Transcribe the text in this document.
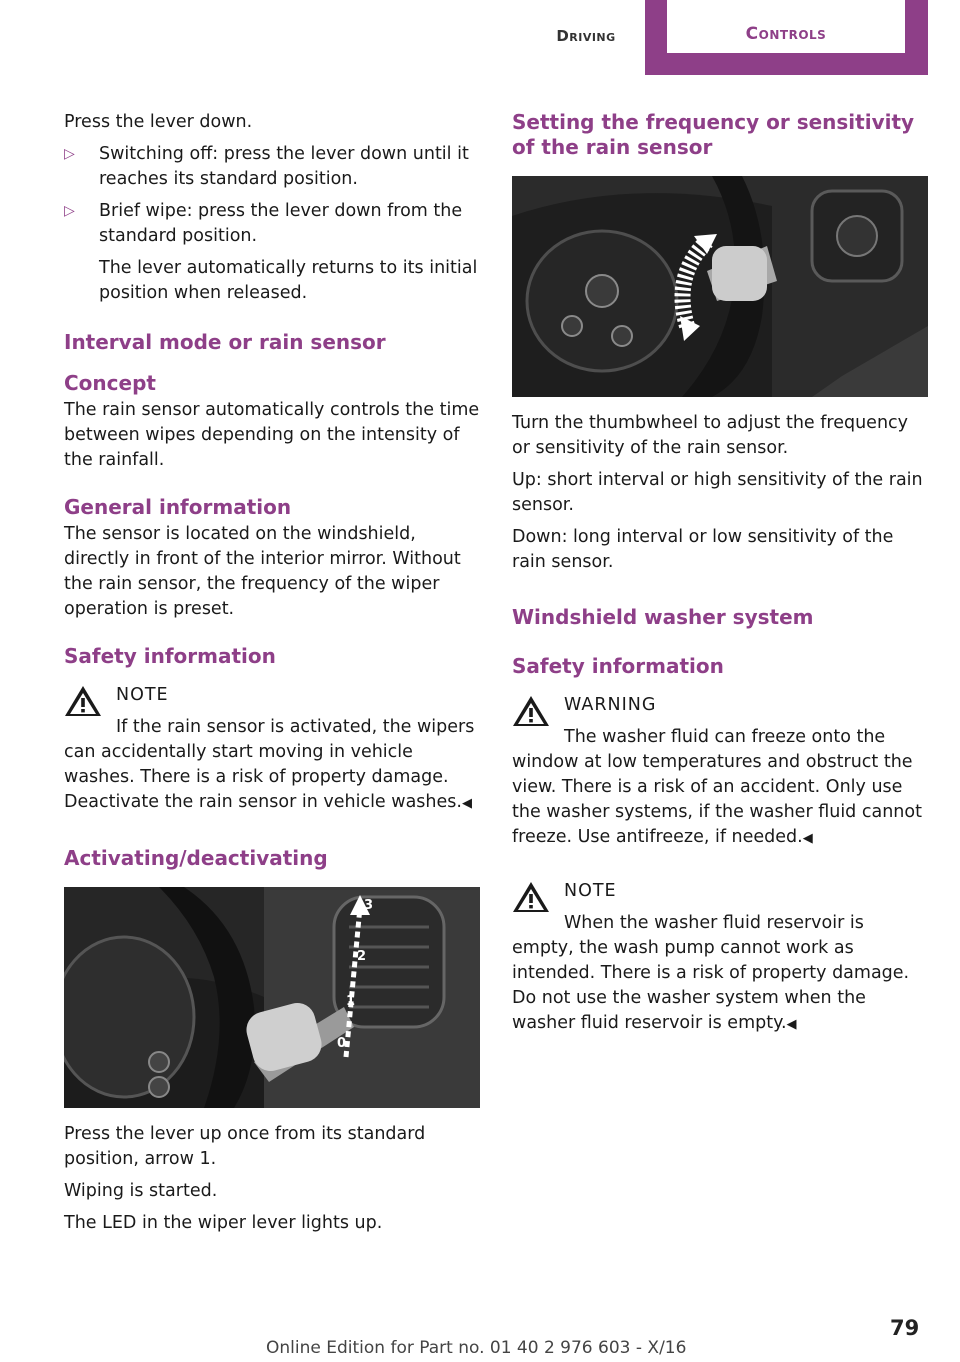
Driving	Controls

Press the lever down.

▷ Switching off: press the lever down until it reaches its standard position.
▷ Brief wipe: press the lever down from the standard position.

The lever automatically returns to its initial position when released.

Interval mode or rain sensor
Concept

The rain sensor automatically controls the time between wipes depending on the intensity of the rainfall.

General information

The sensor is located on the windshield, directly in front of the interior mirror. Without the rain sensor, the frequency of the wiper operation is preset.

Safety information
NOTE

If the rain sensor is activated, the wipers can accidentally start moving in vehicle washes. There is a risk of property damage. Deactivate the rain sensor in vehicle washes.◀

Activating/deactivating
3
2
1
0

Press the lever up once from its standard position, arrow 1.

Wiping is started.

The LED in the wiper lever lights up.

Setting the frequency or sensitivity of the rain sensor

Turn the thumbwheel to adjust the frequency or sensitivity of the rain sensor.

Up: short interval or high sensitivity of the rain sensor.

Down: long interval or low sensitivity of the rain sensor.

Windshield washer system
Safety information
WARNING

The washer fluid can freeze onto the window at low temperatures and obstruct the view. There is a risk of an accident. Only use the washer systems, if the washer fluid cannot freeze. Use antifreeze, if needed.◀

NOTE

When the washer fluid reservoir is empty, the wash pump cannot work as intended. There is a risk of property damage. Do not use the washer system when the washer fluid reservoir is empty.◀

79
Online Edition for Part no. 01 40 2 976 603 - X/16
